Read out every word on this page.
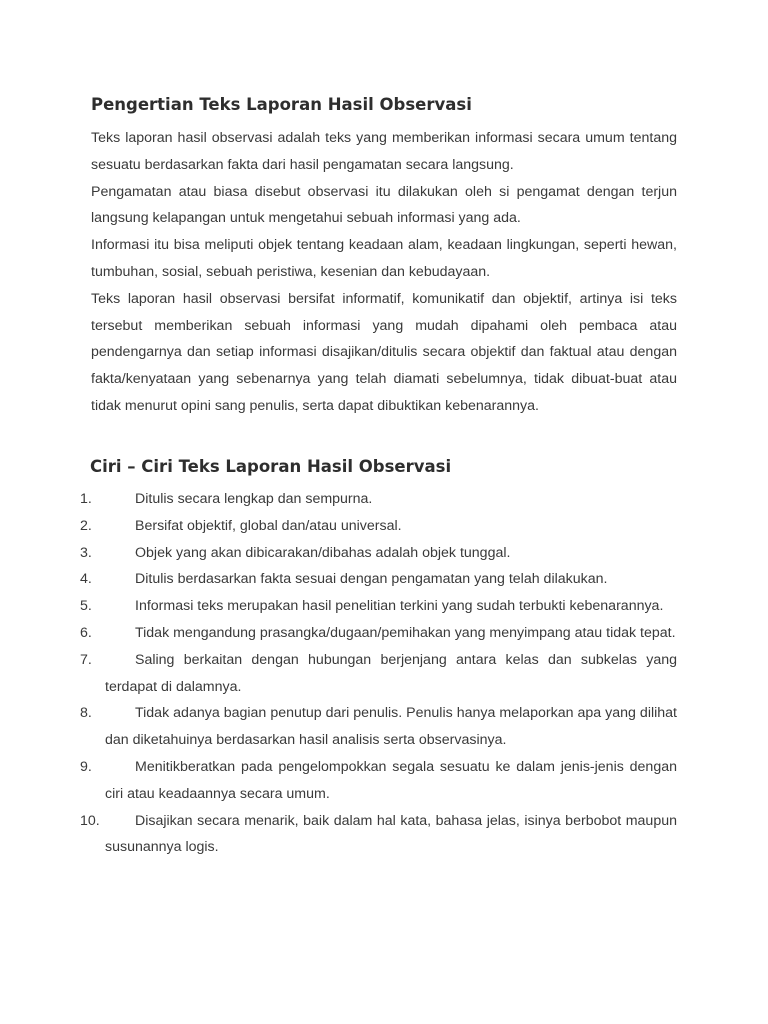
Pengertian Teks Laporan Hasil Observasi

Teks laporan hasil observasi adalah teks yang memberikan informasi secara umum tentang sesuatu berdasarkan fakta dari hasil pengamatan secara langsung.

Pengamatan atau biasa disebut observasi itu dilakukan oleh si pengamat dengan terjun langsung kelapangan untuk mengetahui sebuah informasi yang ada.

Informasi itu bisa meliputi objek tentang keadaan alam, keadaan lingkungan, seperti hewan, tumbuhan, sosial, sebuah peristiwa, kesenian dan kebudayaan.

Teks laporan hasil observasi bersifat informatif, komunikatif dan objektif, artinya isi teks tersebut memberikan sebuah informasi yang mudah dipahami oleh pembaca atau pendengarnya dan setiap informasi disajikan/ditulis secara objektif dan faktual atau dengan fakta/kenyataan yang sebenarnya yang telah diamati sebelumnya, tidak dibuat-buat atau tidak menurut opini sang penulis, serta dapat dibuktikan kebenarannya.

Ciri – Ciri Teks Laporan Hasil Observasi
1.	Ditulis secara lengkap dan sempurna.
2.	Bersifat objektif, global dan/atau universal.
3.	Objek yang akan dibicarakan/dibahas adalah objek tunggal.
4.	Ditulis berdasarkan fakta sesuai dengan pengamatan yang telah dilakukan.
5.	Informasi teks merupakan hasil penelitian terkini yang sudah terbukti kebenarannya.
6.	Tidak mengandung prasangka/dugaan/pemihakan yang menyimpang atau tidak tepat.
7.	Saling berkaitan dengan hubungan berjenjang antara kelas dan subkelas yang terdapat di dalamnya.
8.	Tidak adanya bagian penutup dari penulis. Penulis hanya melaporkan apa yang dilihat dan diketahuinya berdasarkan hasil analisis serta observasinya.
9.	Menitikberatkan pada pengelompokkan segala sesuatu ke dalam jenis-jenis dengan ciri atau keadaannya secara umum.
10.	Disajikan secara menarik, baik dalam hal kata, bahasa jelas, isinya berbobot maupun susunannya logis.
